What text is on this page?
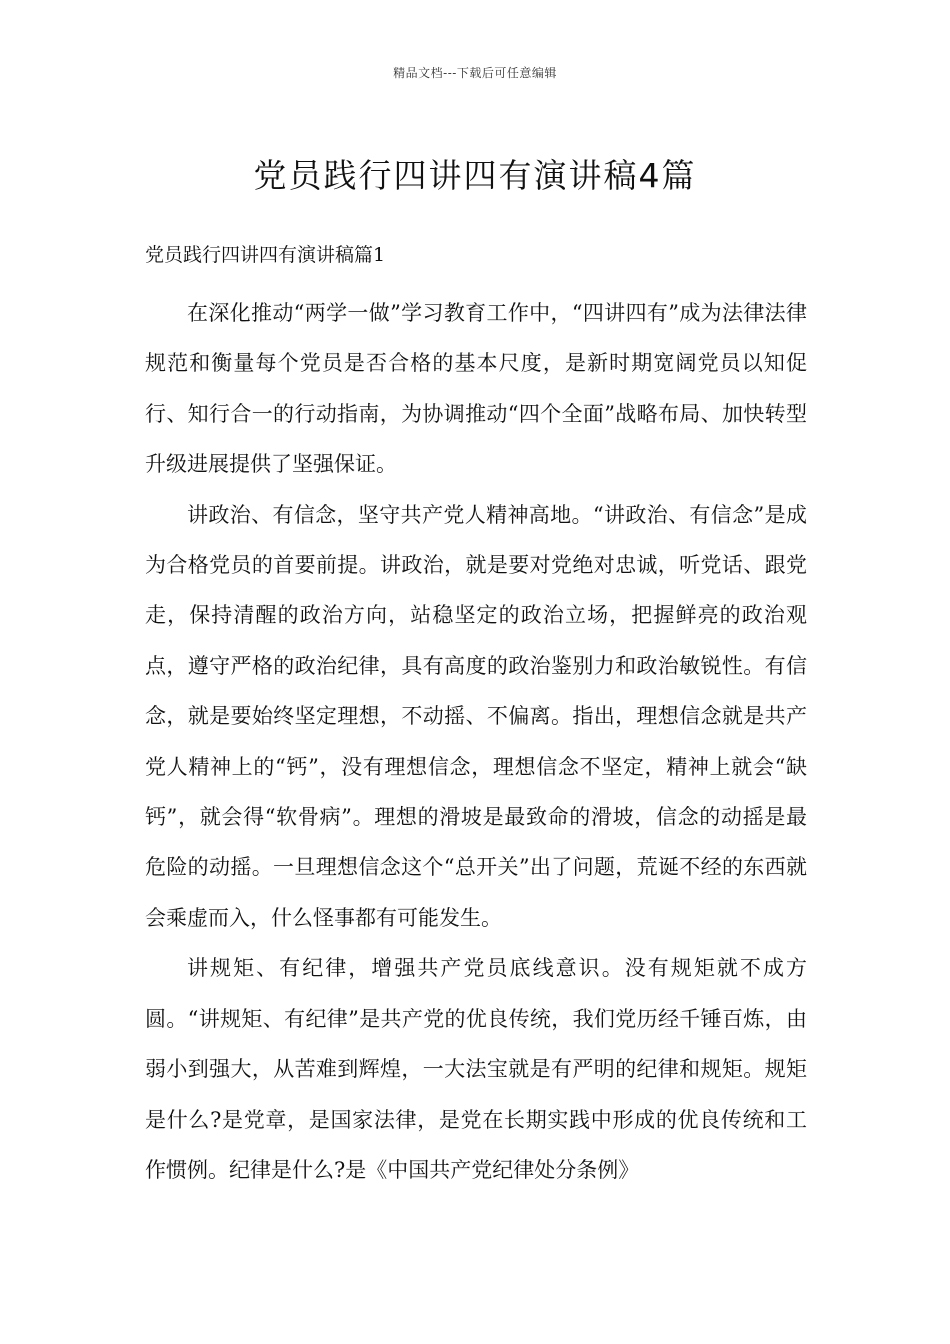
精品文档---下载后可任意编辑
党员践行四讲四有演讲稿4篇
党员践行四讲四有演讲稿篇1

在深化推动“两学一做”学习教育工作中，“四讲四有”成为法律法律规范和衡量每个党员是否合格的基本尺度，是新时期宽阔党员以知促行、知行合一的行动指南，为协调推动“四个全面”战略布局、加快转型升级进展提供了坚强保证。

讲政治、有信念，坚守共产党人精神高地。“讲政治、有信念”是成为合格党员的首要前提。讲政治，就是要对党绝对忠诚，听党话、跟党走，保持清醒的政治方向，站稳坚定的政治立场，把握鲜亮的政治观点，遵守严格的政治纪律，具有高度的政治鉴别力和政治敏锐性。有信念，就是要始终坚定理想，不动摇、不偏离。指出，理想信念就是共产党人精神上的“钙”，没有理想信念，理想信念不坚定，精神上就会“缺钙”，就会得“软骨病”。理想的滑坡是最致命的滑坡，信念的动摇是最危险的动摇。一旦理想信念这个“总开关”出了问题，荒诞不经的东西就会乘虚而入，什么怪事都有可能发生。

讲规矩、有纪律，增强共产党员底线意识。没有规矩就不成方圆。“讲规矩、有纪律”是共产党的优良传统，我们党历经千锤百炼，由弱小到强大，从苦难到辉煌，一大法宝就是有严明的纪律和规矩。规矩是什么?是党章，是国家法律，是党在长期实践中形成的优良传统和工作惯例。纪律是什么?是《中国共产党纪律处分条例》
